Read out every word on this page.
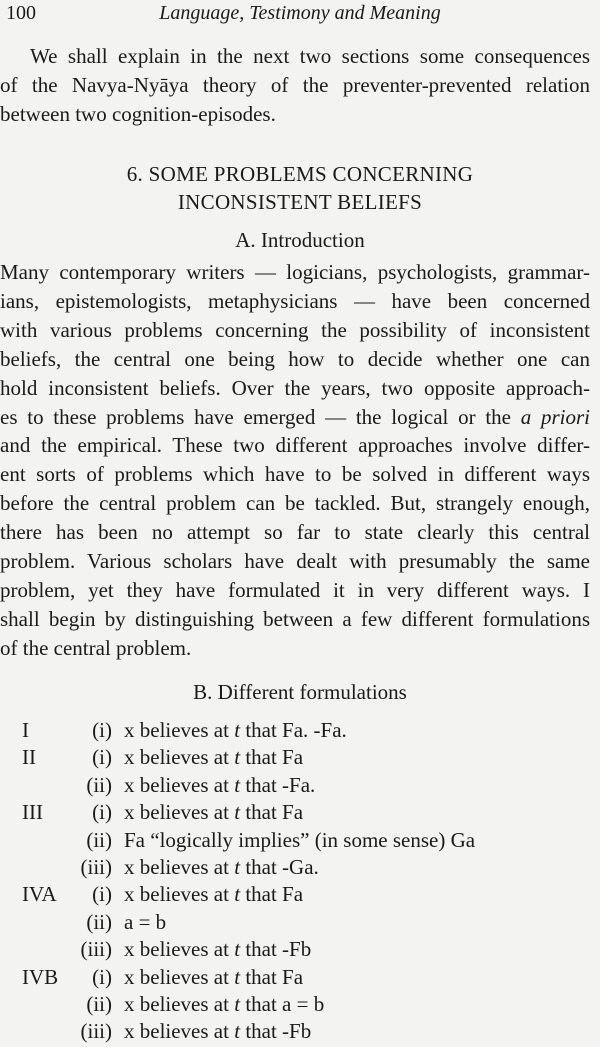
100	Language, Testimony and Meaning
We shall explain in the next two sections some consequences
of the Navya-Nyāya theory of the preventer-prevented relation
between two cognition-episodes.
6. SOME PROBLEMS CONCERNING
INCONSISTENT BELIEFS
A. Introduction
Many contemporary writers — logicians, psychologists, grammar-
ians, epistemologists, metaphysicians — have been concerned
with various problems concerning the possibility of inconsistent
beliefs, the central one being how to decide whether one can
hold inconsistent beliefs. Over the years, two opposite approach-
es to these problems have emerged — the logical or the a priori
and the empirical. These two different approaches involve differ-
ent sorts of problems which have to be solved in different ways
before the central problem can be tackled. But, strangely enough,
there has been no attempt so far to state clearly this central
problem. Various scholars have dealt with presumably the same
problem, yet they have formulated it in very different ways. I
shall begin by distinguishing between a few different formulations
of the central problem.
B. Different formulations
I	(i) x believes at t that Fa. -Fa.
II	(i) x believes at t that Fa
(ii) x believes at t that -Fa.
III	(i) x believes at t that Fa
(ii) Fa “logically implies” (in some sense) Ga
(iii) x believes at t that -Ga.
IVA	(i) x believes at t that Fa
(ii) a = b
(iii) x believes at t that -Fb
IVB	(i) x believes at t that Fa
(ii) x believes at t that a = b
(iii) x believes at t that -Fb
